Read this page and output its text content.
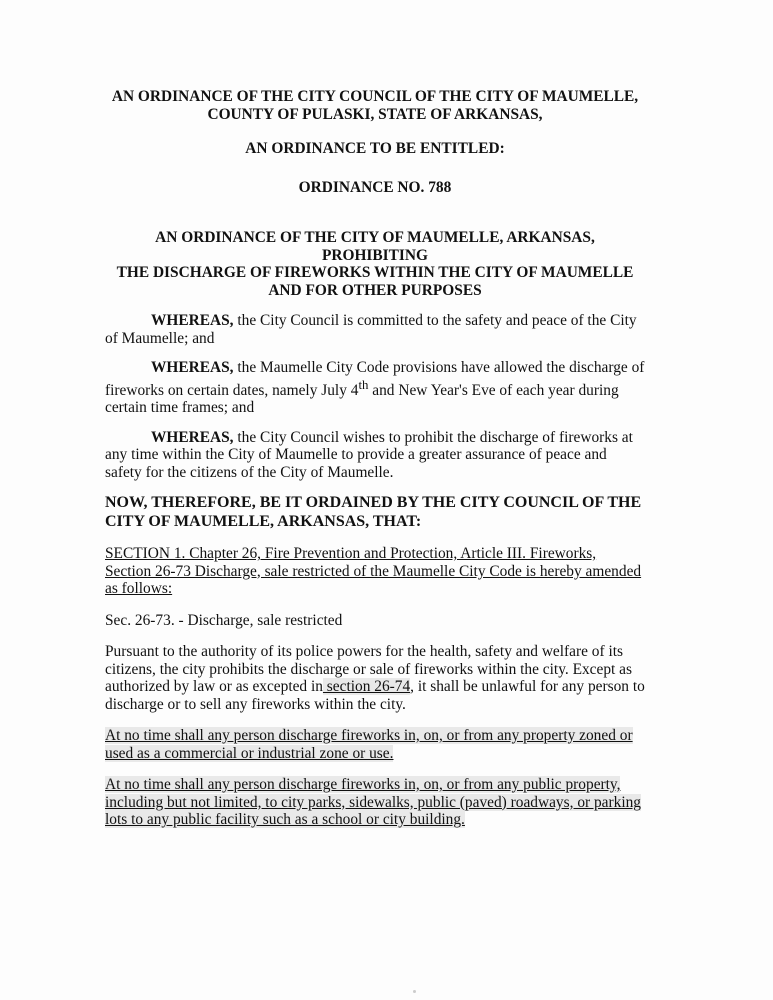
AN ORDINANCE OF THE CITY COUNCIL OF THE CITY OF MAUMELLE,
COUNTY OF PULASKI, STATE OF ARKANSAS,
AN ORDINANCE TO BE ENTITLED:
ORDINANCE NO. 788
AN ORDINANCE OF THE CITY OF MAUMELLE, ARKANSAS, PROHIBITING
THE DISCHARGE OF FIREWORKS WITHIN THE CITY OF MAUMELLE
AND FOR OTHER PURPOSES

WHEREAS, the City Council is committed to the safety and peace of the City of Maumelle; and

WHEREAS, the Maumelle City Code provisions have allowed the discharge of fireworks on certain dates, namely July 4th and New Year's Eve of each year during certain time frames; and

WHEREAS, the City Council wishes to prohibit the discharge of fireworks at any time within the City of Maumelle to provide a greater assurance of peace and safety for the citizens of the City of Maumelle.

NOW, THEREFORE, BE IT ORDAINED BY THE CITY COUNCIL OF THE CITY OF MAUMELLE, ARKANSAS, THAT:

SECTION 1. Chapter 26, Fire Prevention and Protection, Article III. Fireworks, Section 26-73 Discharge, sale restricted of the Maumelle City Code is hereby amended as follows:

Sec. 26-73. - Discharge, sale restricted

Pursuant to the authority of its police powers for the health, safety and welfare of its citizens, the city prohibits the discharge or sale of fireworks within the city. Except as authorized by law or as excepted in section 26-74, it shall be unlawful for any person to discharge or to sell any fireworks within the city.

At no time shall any person discharge fireworks in, on, or from any property zoned or used as a commercial or industrial zone or use.

At no time shall any person discharge fireworks in, on, or from any public property, including but not limited, to city parks, sidewalks, public (paved) roadways, or parking lots to any public facility such as a school or city building.
